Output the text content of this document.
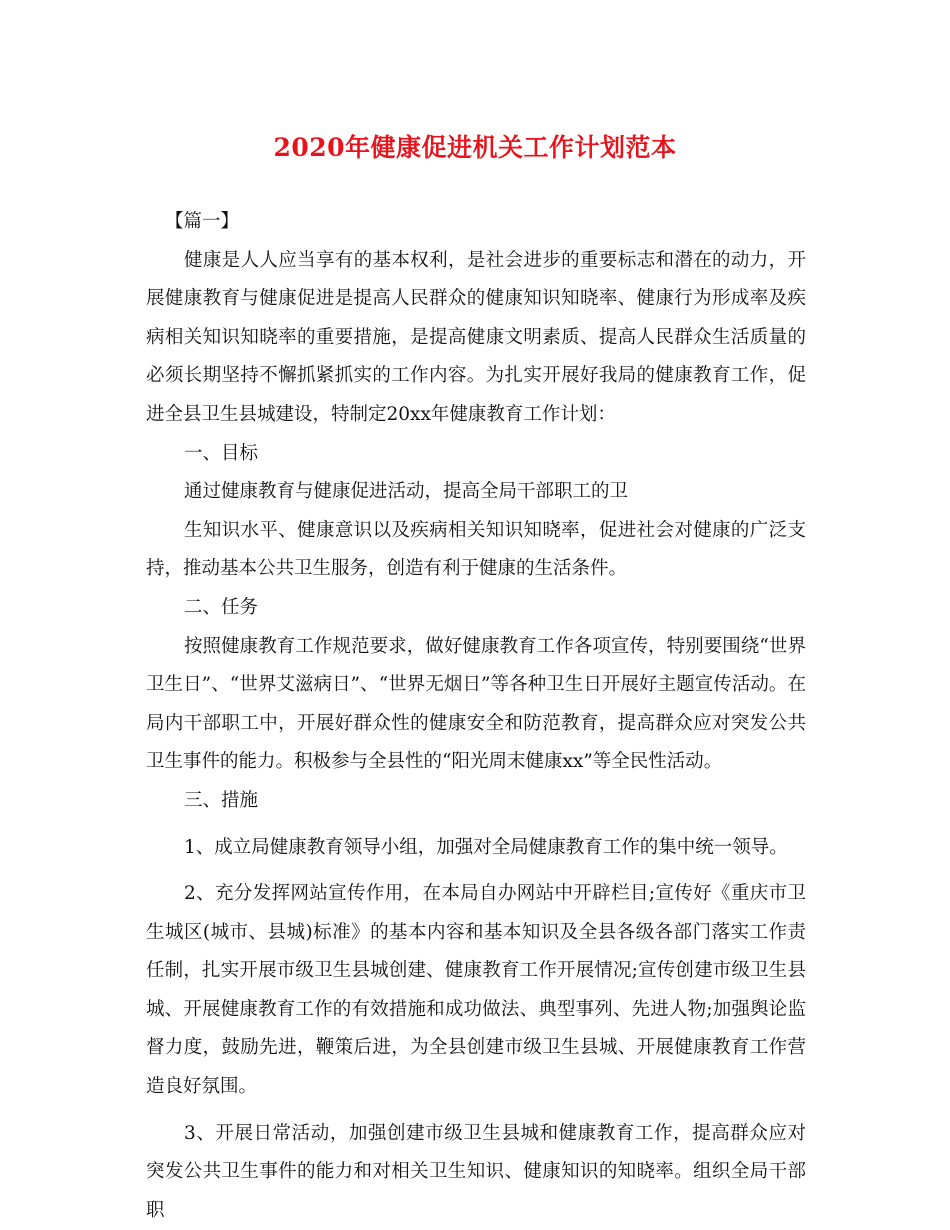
2020年健康促进机关工作计划范本

【篇一】

健康是人人应当享有的基本权利，是社会进步的重要标志和潜在的动力，开展健康教育与健康促进是提高人民群众的健康知识知晓率、健康行为形成率及疾病相关知识知晓率的重要措施，是提高健康文明素质、提高人民群众生活质量的必须长期坚持不懈抓紧抓实的工作内容。为扎实开展好我局的健康教育工作，促进全县卫生县城建设，特制定20xx年健康教育工作计划：

一、目标

通过健康教育与健康促进活动，提高全局干部职工的卫

生知识水平、健康意识以及疾病相关知识知晓率，促进社会对健康的广泛支持，推动基本公共卫生服务，创造有利于健康的生活条件。

二、任务

按照健康教育工作规范要求，做好健康教育工作各项宣传，特别要围绕“世界卫生日”、“世界艾滋病日”、“世界无烟日”等各种卫生日开展好主题宣传活动。在局内干部职工中，开展好群众性的健康安全和防范教育，提高群众应对突发公共卫生事件的能力。积极参与全县性的“阳光周末健康xx”等全民性活动。

三、措施

1、成立局健康教育领导小组，加强对全局健康教育工作的集中统一领导。

2、充分发挥网站宣传作用，在本局自办网站中开辟栏目;宣传好《重庆市卫生城区(城市、县城)标准》的基本内容和基本知识及全县各级各部门落实工作责任制，扎实开展市级卫生县城创建、健康教育工作开展情况;宣传创建市级卫生县城、开展健康教育工作的有效措施和成功做法、典型事列、先进人物;加强舆论监督力度，鼓励先进，鞭策后进，为全县创建市级卫生县城、开展健康教育工作营造良好氛围。

3、开展日常活动，加强创建市级卫生县城和健康教育工作，提高群众应对突发公共卫生事件的能力和对相关卫生知识、健康知识的知晓率。组织全局干部职
